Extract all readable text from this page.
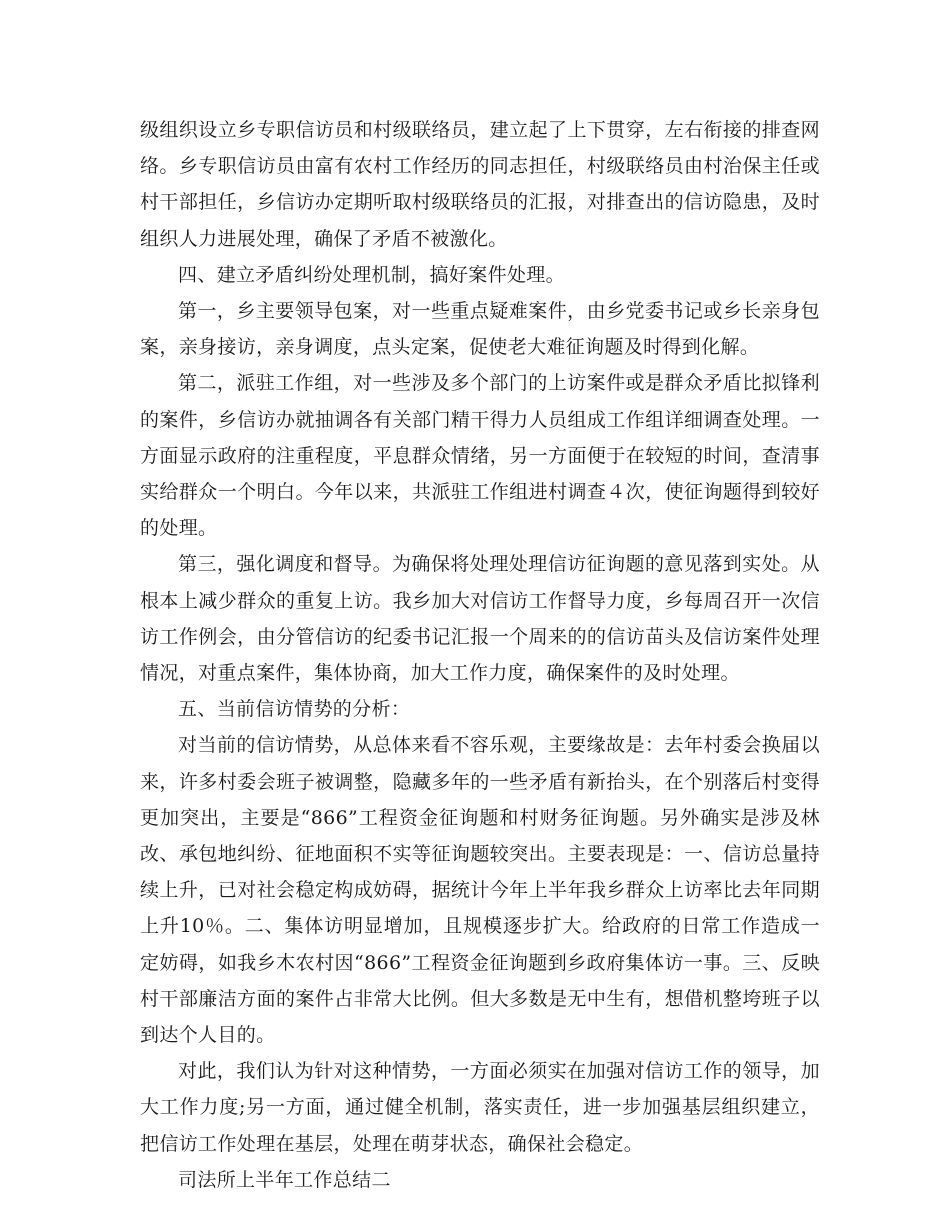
级组织设立乡专职信访员和村级联络员，建立起了上下贯穿，左右衔接的排查网络。乡专职信访员由富有农村工作经历的同志担任，村级联络员由村治保主任或村干部担任，乡信访办定期听取村级联络员的汇报，对排查出的信访隐患，及时组织人力进展处理，确保了矛盾不被激化。

四、建立矛盾纠纷处理机制，搞好案件处理。

第一，乡主要领导包案，对一些重点疑难案件，由乡党委书记或乡长亲身包案，亲身接访，亲身调度，点头定案，促使老大难征询题及时得到化解。

第二，派驻工作组，对一些涉及多个部门的上访案件或是群众矛盾比拟锋利的案件，乡信访办就抽调各有关部门精干得力人员组成工作组详细调查处理。一方面显示政府的注重程度，平息群众情绪，另一方面便于在较短的时间，查清事实给群众一个明白。今年以来，共派驻工作组进村调查４次，使征询题得到较好的处理。

第三，强化调度和督导。为确保将处理处理信访征询题的意见落到实处。从根本上减少群众的重复上访。我乡加大对信访工作督导力度，乡每周召开一次信访工作例会，由分管信访的纪委书记汇报一个周来的的信访苗头及信访案件处理情况，对重点案件，集体协商，加大工作力度，确保案件的及时处理。

五、当前信访情势的分析：

对当前的信访情势，从总体来看不容乐观，主要缘故是：去年村委会换届以来，许多村委会班子被调整，隐藏多年的一些矛盾有新抬头，在个别落后村变得更加突出，主要是“866”工程资金征询题和村财务征询题。另外确实是涉及林改、承包地纠纷、征地面积不实等征询题较突出。主要表现是：一、信访总量持续上升，已对社会稳定构成妨碍，据统计今年上半年我乡群众上访率比去年同期上升10％。二、集体访明显增加，且规模逐步扩大。给政府的日常工作造成一定妨碍，如我乡木农村因“866”工程资金征询题到乡政府集体访一事。三、反映村干部廉洁方面的案件占非常大比例。但大多数是无中生有，想借机整垮班子以到达个人目的。

对此，我们认为针对这种情势，一方面必须实在加强对信访工作的领导，加大工作力度;另一方面，通过健全机制，落实责任，进一步加强基层组织建立，把信访工作处理在基层，处理在萌芽状态，确保社会稳定。

司法所上半年工作总结二
